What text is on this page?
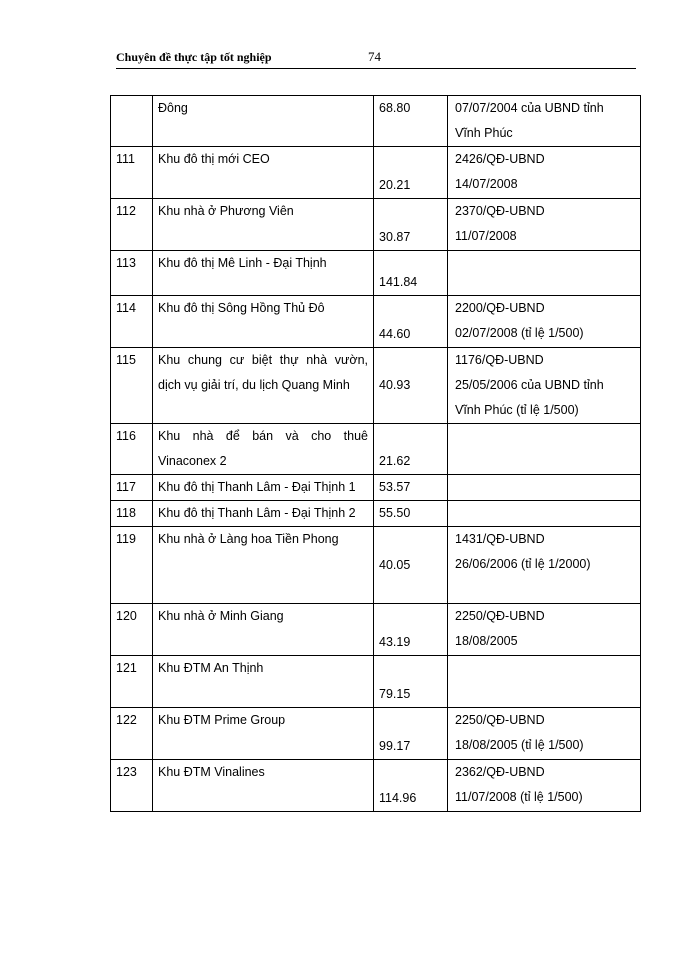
Chuyên đề thực tập tốt nghiệp	74
	Đông	68.80	07/07/2004 của UBND tỉnh
Vĩnh Phúc
111	Khu đô thị mới CEO	20.21	2426/QĐ-UBND
14/07/2008
112	Khu nhà ở Phương Viên	30.87	2370/QĐ-UBND
11/07/2008
113	Khu đô thị Mê Linh - Đại Thịnh	141.84	
114	Khu đô thị Sông Hồng Thủ Đô	44.60	2200/QĐ-UBND
02/07/2008 (tỉ lệ 1/500)
115	Khu chung cư biệt thự nhà vườn, dịch vụ giải trí, du lịch Quang Minh	40.93	1176/QĐ-UBND
25/05/2006 của UBND tỉnh
Vĩnh Phúc (tỉ lệ 1/500)
116	Khu nhà để bán và cho thuê Vinaconex 2	21.62	
117	Khu đô thị Thanh Lâm - Đại Thịnh 1	53.57	
118	Khu đô thị Thanh Lâm - Đại Thịnh 2	55.50	
119	Khu nhà ở Làng hoa Tiền Phong	40.05	1431/QĐ-UBND
26/06/2006 (tỉ lệ 1/2000)
120	Khu nhà ở Minh Giang	43.19	2250/QĐ-UBND
18/08/2005
121	Khu ĐTM An Thịnh	79.15	
122	Khu ĐTM Prime Group	99.17	2250/QĐ-UBND
18/08/2005 (tỉ lệ 1/500)
123	Khu ĐTM Vinalines	114.96	2362/QĐ-UBND
11/07/2008 (tỉ lệ 1/500)
